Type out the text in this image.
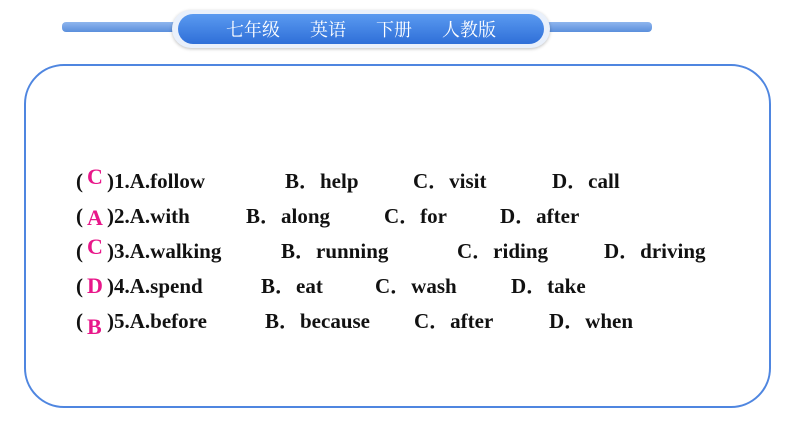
七年级 英语 下册 人教版
( C )1.A.follow	B．help	C．visit	D．call
( A )2.A.with	B．along	C．for	D．after
( C )3.A.walking	B．running	C．riding	D．driving
( D )4.A.spend	B．eat C．wash	D．take
( B )5.A.before	B．because C．after	D．when
